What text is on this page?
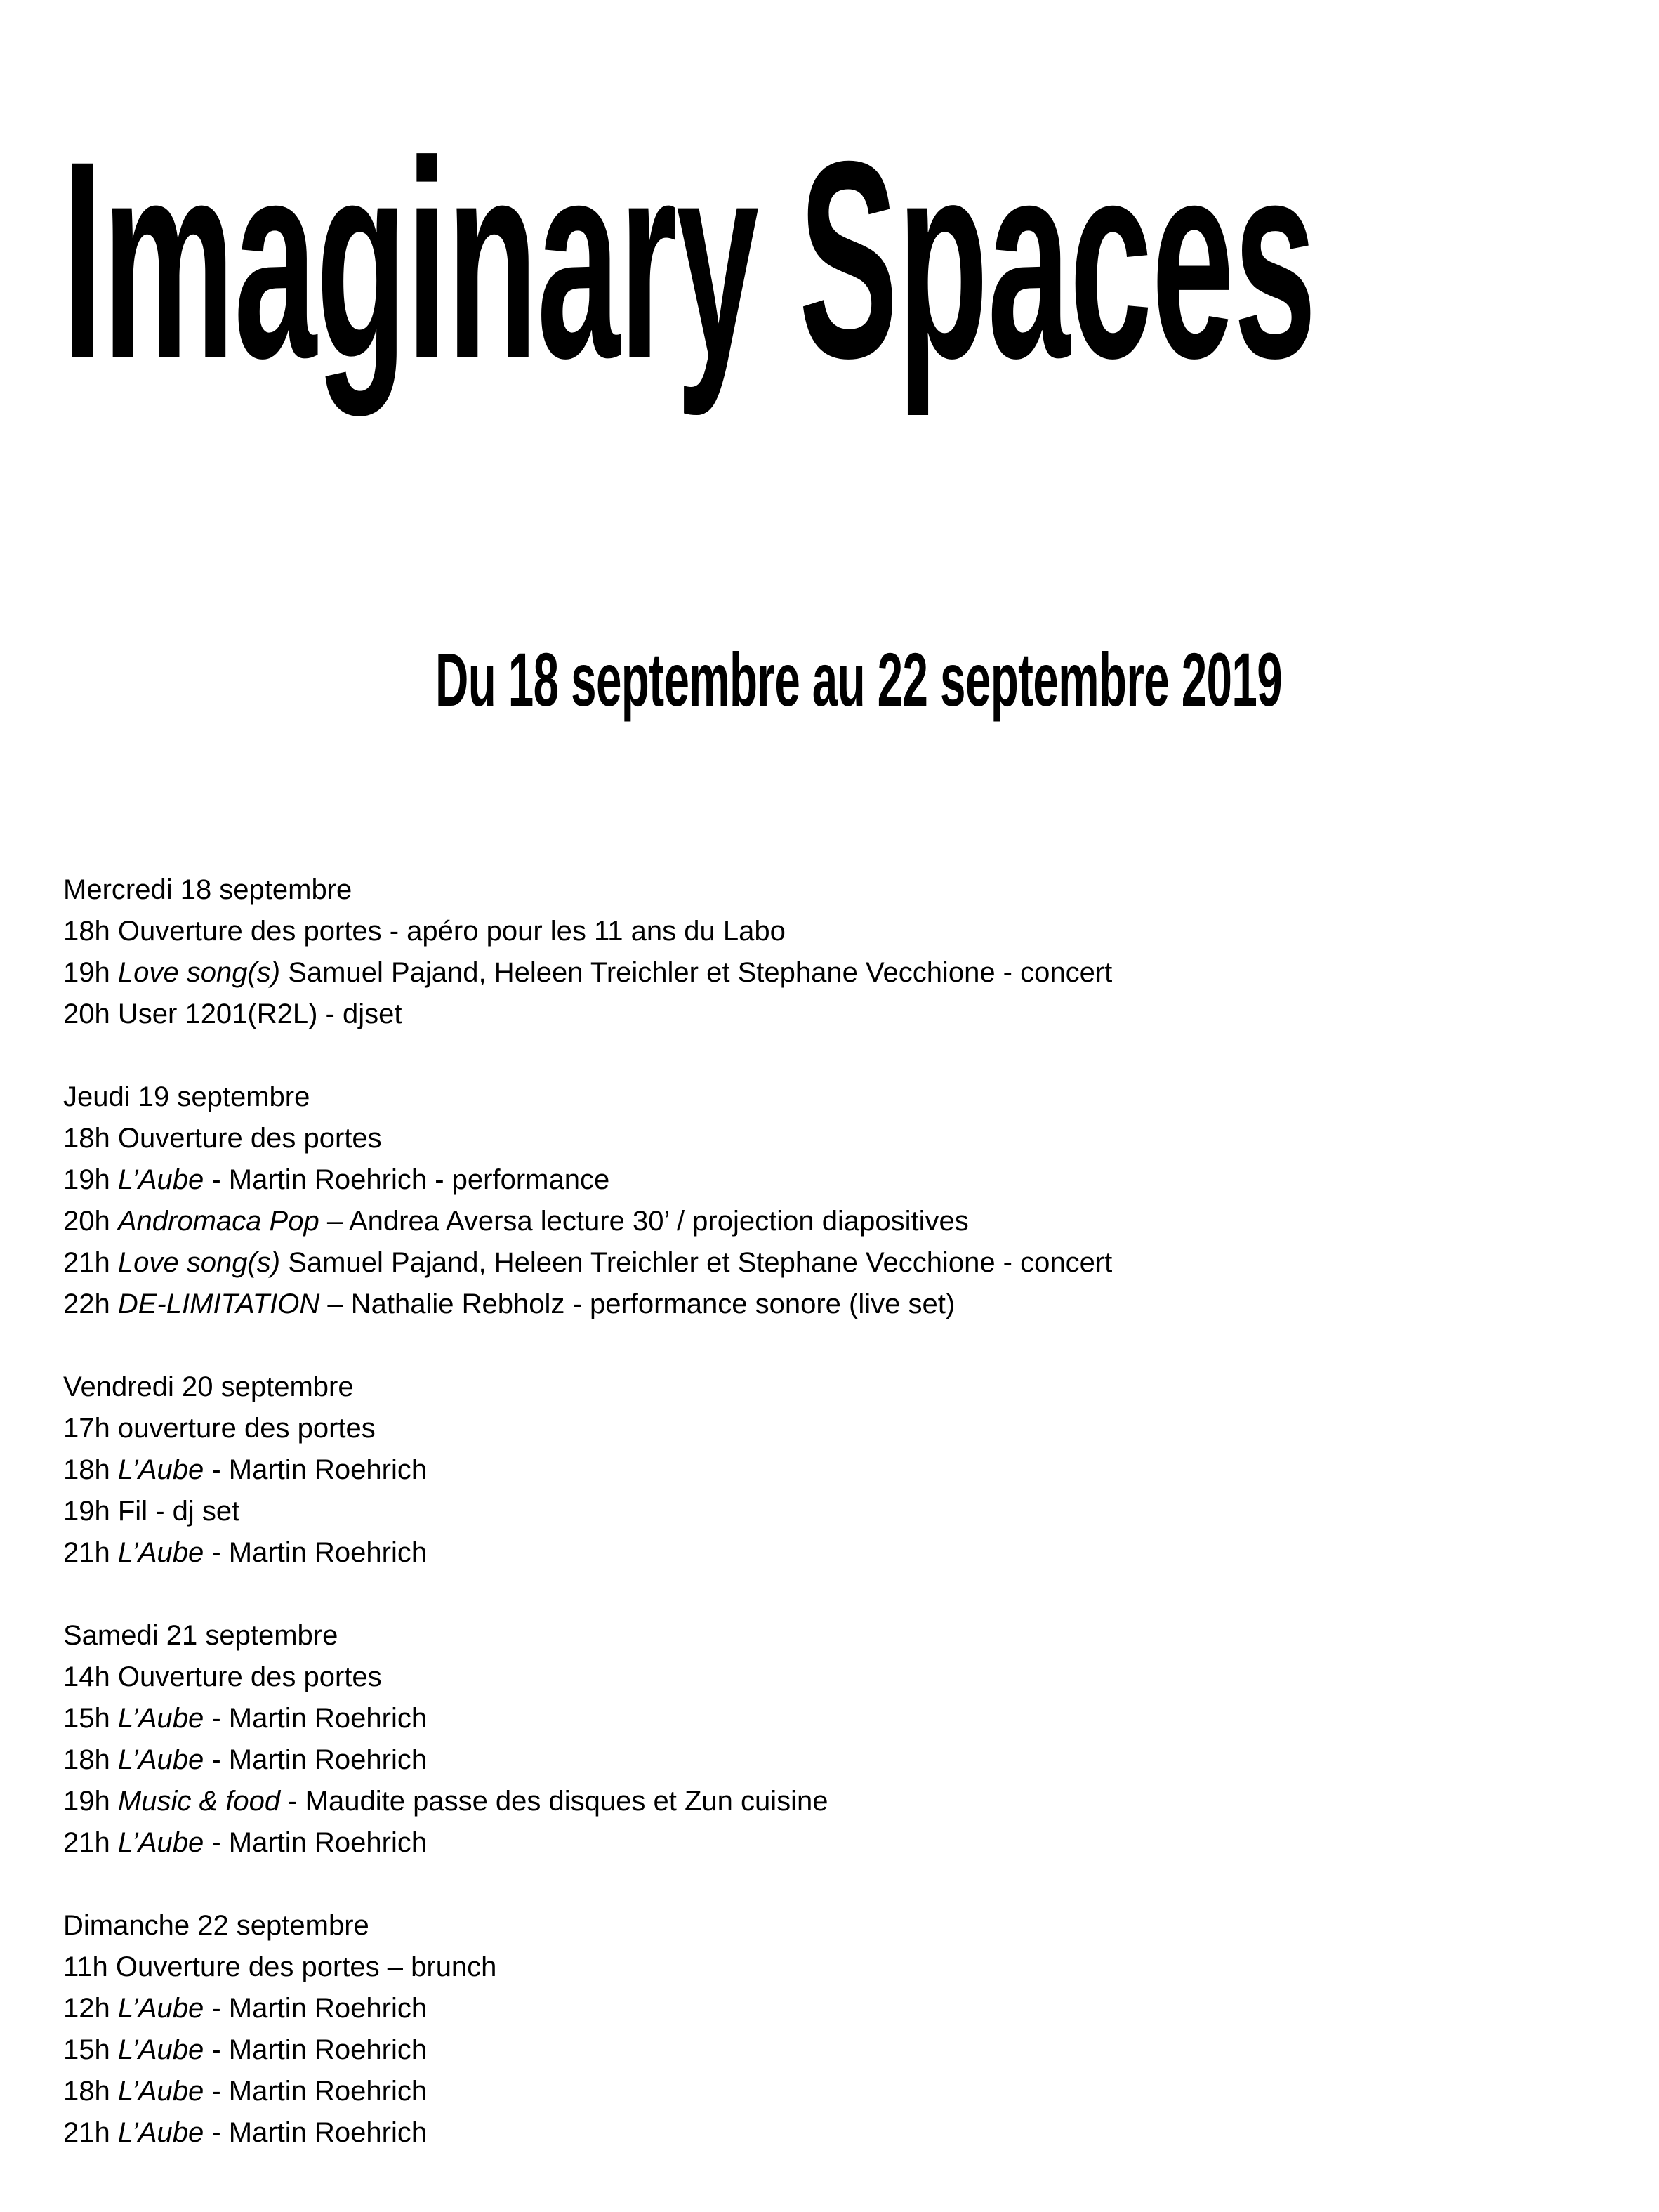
Imaginary Spaces
Du 18 septembre au 22 septembre 2019
Mercredi 18 septembre
18h Ouverture des portes - apéro pour les 11 ans du Labo
19h Love song(s) Samuel Pajand, Heleen Treichler et Stephane Vecchione - concert
20h User 1201(R2L) - djset
Jeudi 19 septembre
18h Ouverture des portes
19h L’Aube - Martin Roehrich - performance
20h Andromaca Pop – Andrea Aversa lecture 30’ / projection diapositives
21h Love song(s) Samuel Pajand, Heleen Treichler et Stephane Vecchione - concert
22h DE-LIMITATION – Nathalie Rebholz - performance sonore (live set)
Vendredi 20 septembre
17h ouverture des portes
18h L’Aube - Martin Roehrich
19h Fil - dj set
21h L’Aube - Martin Roehrich
Samedi 21 septembre
14h Ouverture des portes
15h L’Aube - Martin Roehrich
18h L’Aube - Martin Roehrich
19h Music & food - Maudite passe des disques et Zun cuisine
21h L’Aube - Martin Roehrich
Dimanche 22 septembre
11h Ouverture des portes – brunch
12h L’Aube - Martin Roehrich
15h L’Aube - Martin Roehrich
18h L’Aube - Martin Roehrich
21h L’Aube - Martin Roehrich
